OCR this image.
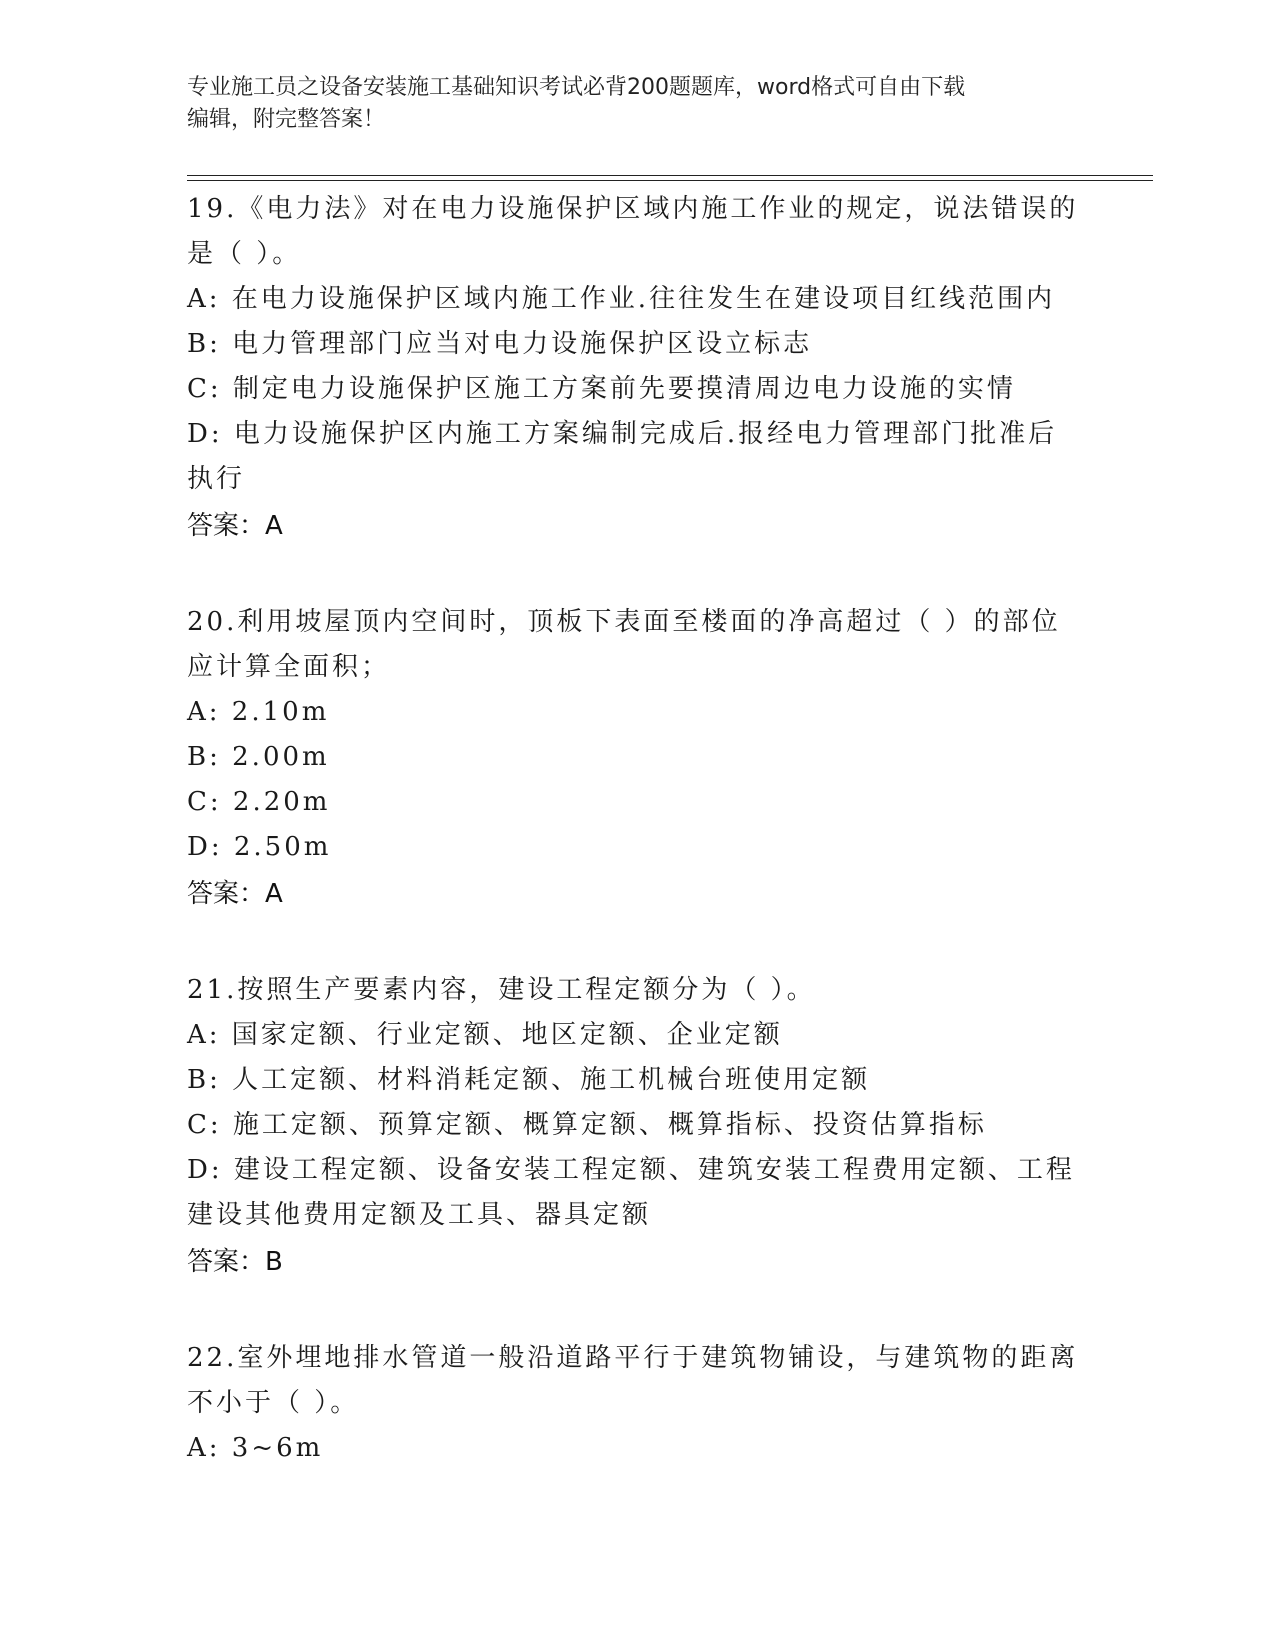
专业施工员之设备安装施工基础知识考试必背200题题库，word格式可自由下载
编辑，附完整答案！
19.《电力法》对在电力设施保护区域内施工作业的规定，说法错误的
是（ ）。
A: 在电力设施保护区域内施工作业.往往发生在建设项目红线范围内
B: 电力管理部门应当对电力设施保护区设立标志
C: 制定电力设施保护区施工方案前先要摸清周边电力设施的实情
D: 电力设施保护区内施工方案编制完成后.报经电力管理部门批准后
执行
答案：A
20.利用坡屋顶内空间时，顶板下表面至楼面的净高超过（ ）的部位
应计算全面积；
A: 2.10m
B: 2.00m
C: 2.20m
D: 2.50m
答案：A
21.按照生产要素内容，建设工程定额分为（ ）。
A: 国家定额、行业定额、地区定额、企业定额
B: 人工定额、材料消耗定额、施工机械台班使用定额
C: 施工定额、预算定额、概算定额、概算指标、投资估算指标
D: 建设工程定额、设备安装工程定额、建筑安装工程费用定额、工程
建设其他费用定额及工具、器具定额
答案：B
22.室外埋地排水管道一般沿道路平行于建筑物铺设，与建筑物的距离
不小于（ ）。
A: 3~6m
